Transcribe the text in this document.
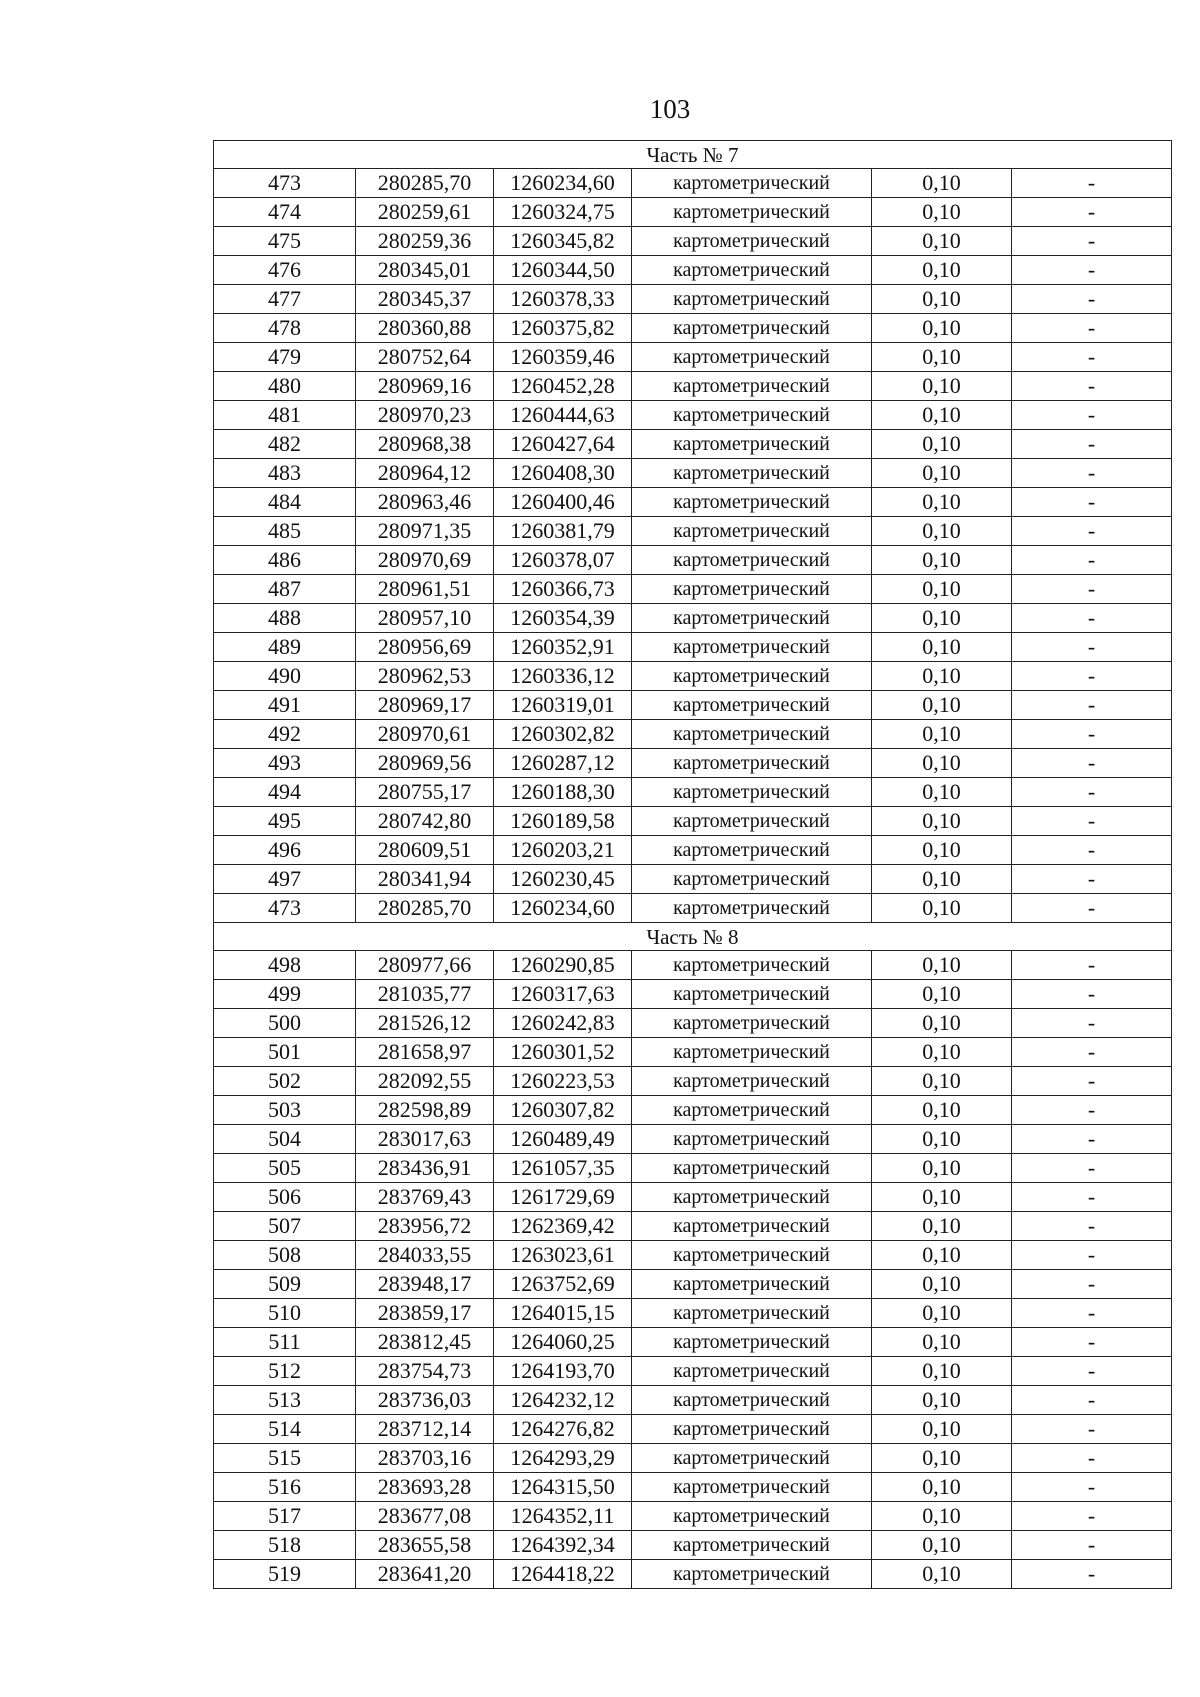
103
Часть № 7					
473	280285,70	1260234,60	картометрический	0,10	-
474	280259,61	1260324,75	картометрический	0,10	-
475	280259,36	1260345,82	картометрический	0,10	-
476	280345,01	1260344,50	картометрический	0,10	-
477	280345,37	1260378,33	картометрический	0,10	-
478	280360,88	1260375,82	картометрический	0,10	-
479	280752,64	1260359,46	картометрический	0,10	-
480	280969,16	1260452,28	картометрический	0,10	-
481	280970,23	1260444,63	картометрический	0,10	-
482	280968,38	1260427,64	картометрический	0,10	-
483	280964,12	1260408,30	картометрический	0,10	-
484	280963,46	1260400,46	картометрический	0,10	-
485	280971,35	1260381,79	картометрический	0,10	-
486	280970,69	1260378,07	картометрический	0,10	-
487	280961,51	1260366,73	картометрический	0,10	-
488	280957,10	1260354,39	картометрический	0,10	-
489	280956,69	1260352,91	картометрический	0,10	-
490	280962,53	1260336,12	картометрический	0,10	-
491	280969,17	1260319,01	картометрический	0,10	-
492	280970,61	1260302,82	картометрический	0,10	-
493	280969,56	1260287,12	картометрический	0,10	-
494	280755,17	1260188,30	картометрический	0,10	-
495	280742,80	1260189,58	картометрический	0,10	-
496	280609,51	1260203,21	картометрический	0,10	-
497	280341,94	1260230,45	картометрический	0,10	-
473	280285,70	1260234,60	картометрический	0,10	-
Часть № 8					
498	280977,66	1260290,85	картометрический	0,10	-
499	281035,77	1260317,63	картометрический	0,10	-
500	281526,12	1260242,83	картометрический	0,10	-
501	281658,97	1260301,52	картометрический	0,10	-
502	282092,55	1260223,53	картометрический	0,10	-
503	282598,89	1260307,82	картометрический	0,10	-
504	283017,63	1260489,49	картометрический	0,10	-
505	283436,91	1261057,35	картометрический	0,10	-
506	283769,43	1261729,69	картометрический	0,10	-
507	283956,72	1262369,42	картометрический	0,10	-
508	284033,55	1263023,61	картометрический	0,10	-
509	283948,17	1263752,69	картометрический	0,10	-
510	283859,17	1264015,15	картометрический	0,10	-
511	283812,45	1264060,25	картометрический	0,10	-
512	283754,73	1264193,70	картометрический	0,10	-
513	283736,03	1264232,12	картометрический	0,10	-
514	283712,14	1264276,82	картометрический	0,10	-
515	283703,16	1264293,29	картометрический	0,10	-
516	283693,28	1264315,50	картометрический	0,10	-
517	283677,08	1264352,11	картометрический	0,10	-
518	283655,58	1264392,34	картометрический	0,10	-
519	283641,20	1264418,22	картометрический	0,10	-
